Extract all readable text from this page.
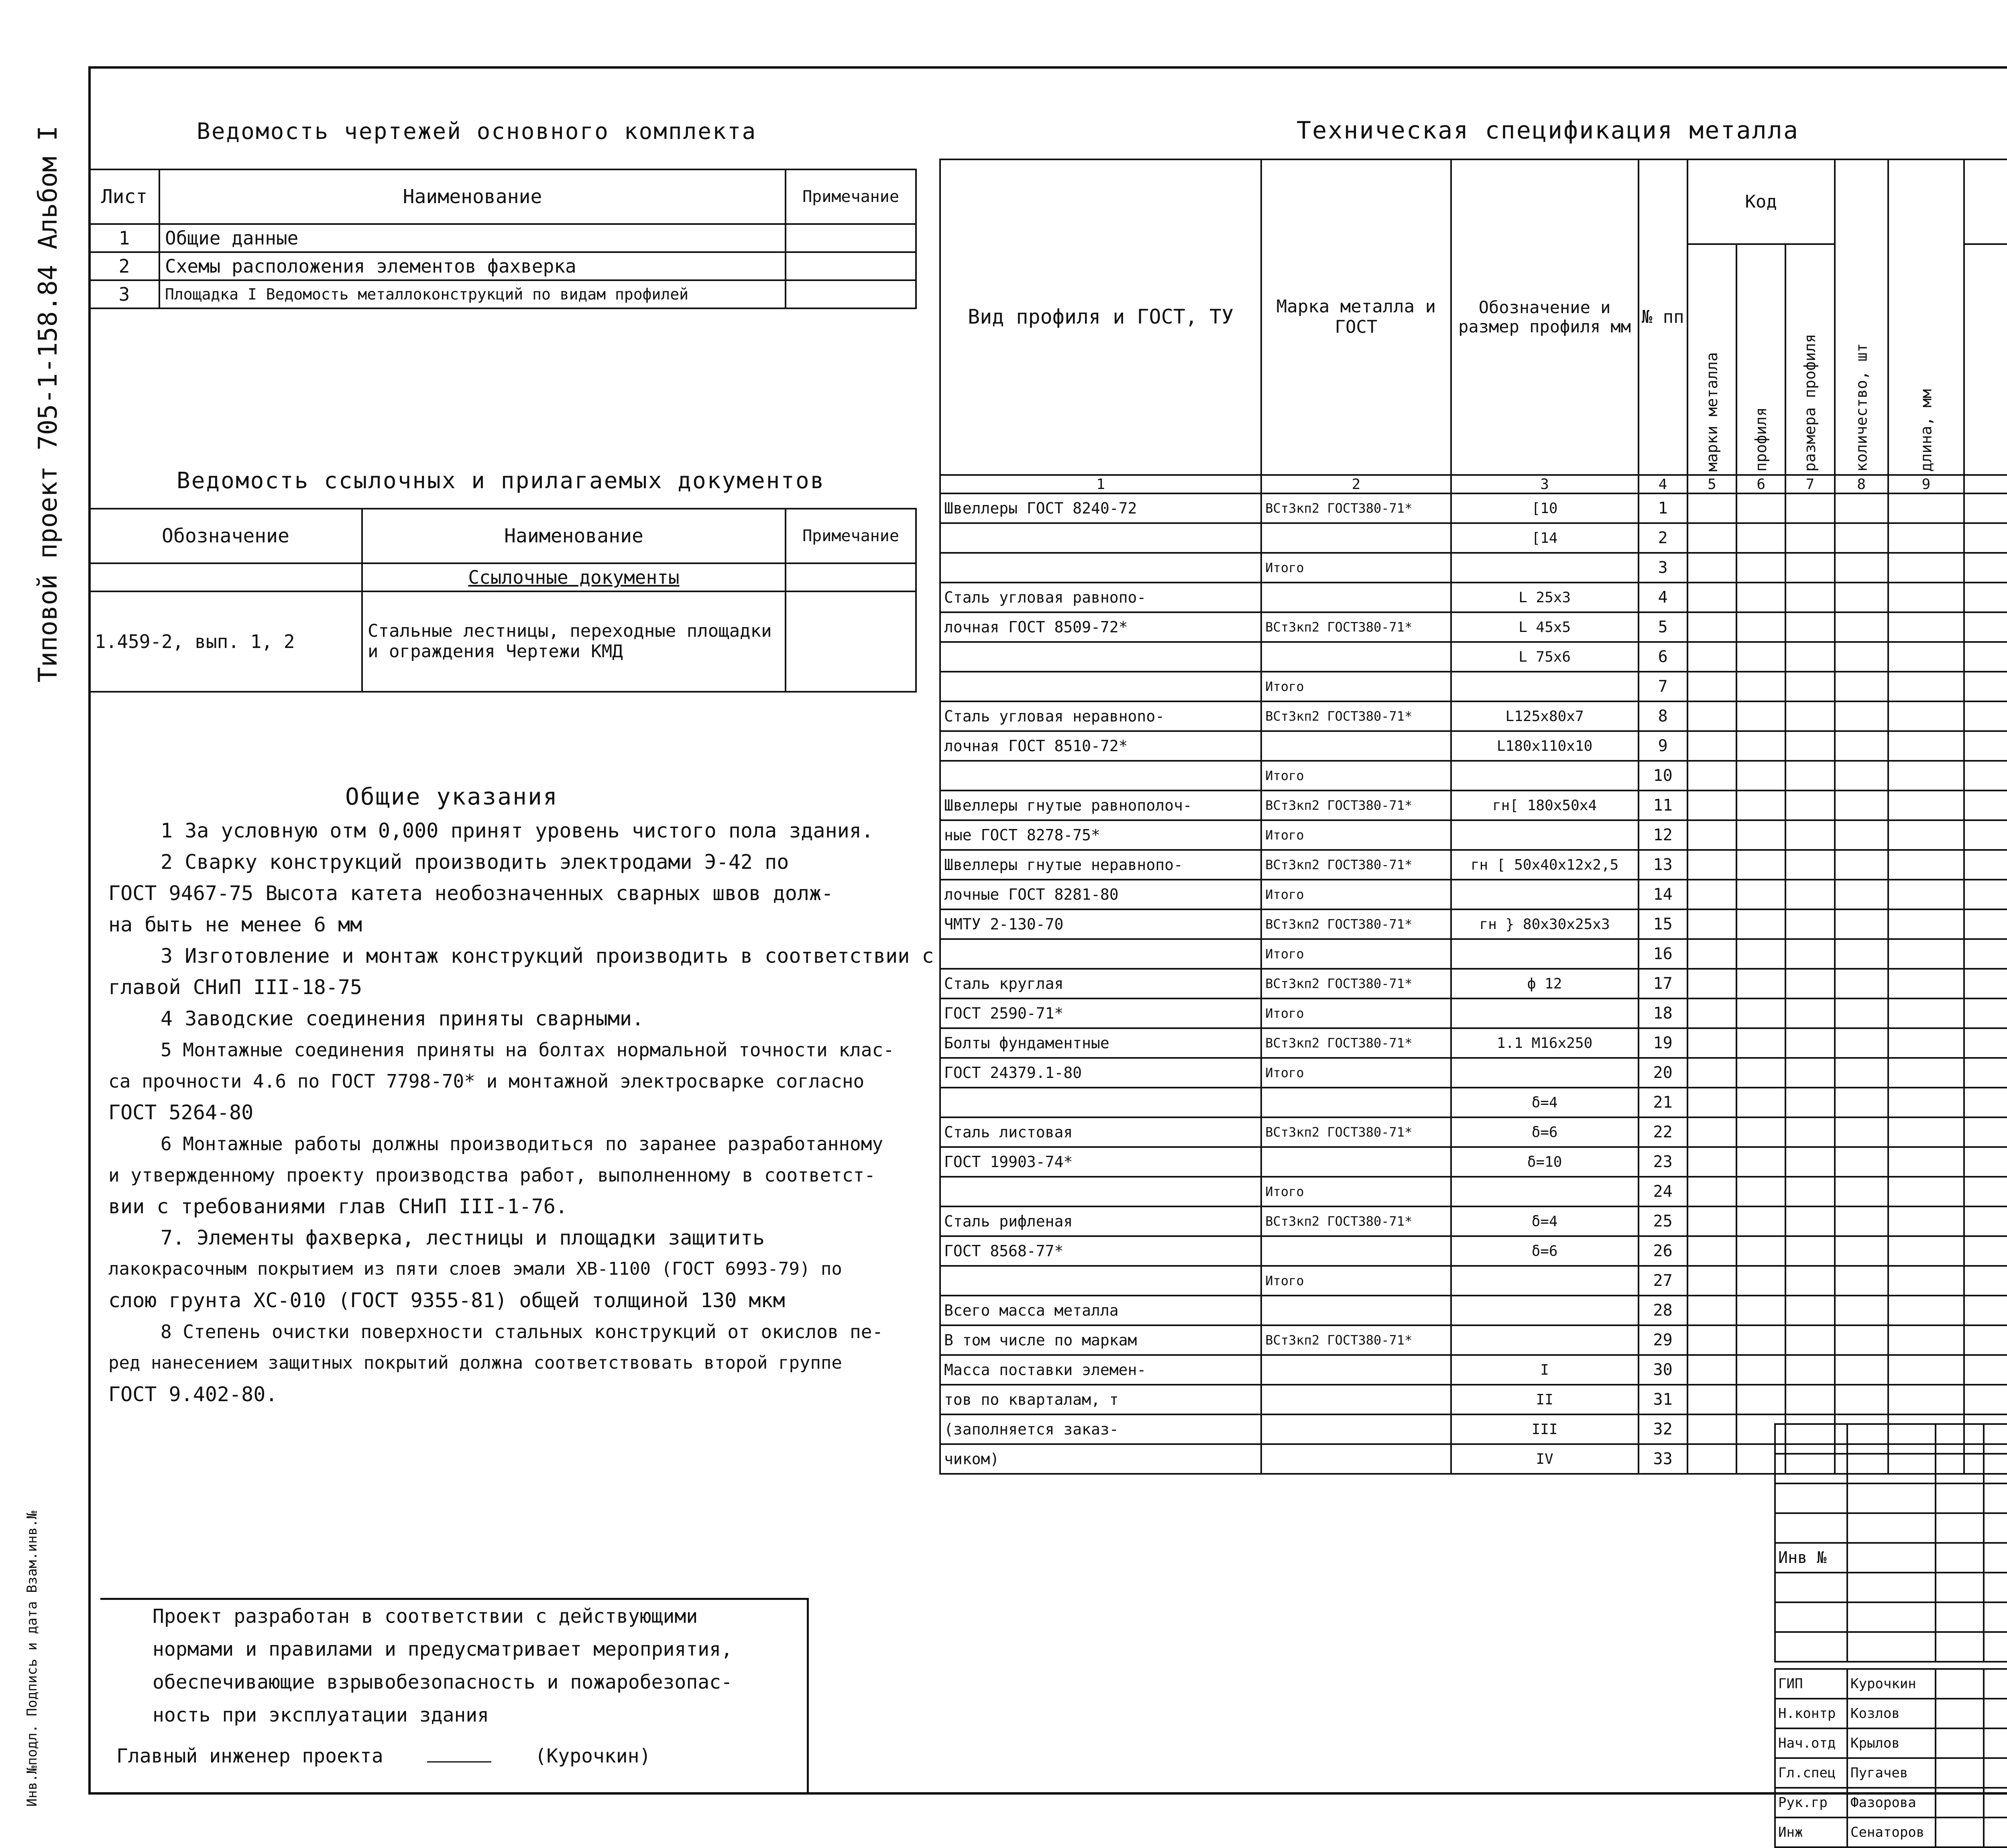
Типовой проект 705-1-158.84 Альбом I
Инв.№подл. Подпись и дата Взам.инв.№
Ведомость чертежей основного комплекта
Лист	Наименование	Примечание
1	Общие данные	
2	Схемы расположения элементов фахверка	
3	Площадка I Ведомость металлоконструкций по видам профилей	
Ведомость ссылочных и прилагаемых документов
Обозначение	Наименование	Примечание
	Ссылочные документы	
1.459-2, вып. 1, 2	Стальные лестницы, переходные площадки и ограждения Чертежи КМД	
Общие указания

1 За условную отм 0,000 принят уровень чистого пола здания.

2 Сварку конструкций производить электродами Э-42 по

ГОСТ 9467-75 Высота катета необозначенных сварных швов долж-

на быть не менее 6 мм

3 Изготовление и монтаж конструкций производить в соответствии с

главой СНиП III-18-75

4 Заводские соединения приняты сварными.

5 Монтажные соединения приняты на болтах нормальной точности клас-

са прочности 4.6 по ГОСТ 7798-70* и монтажной электросварке согласно

ГОСТ 5264-80

6 Монтажные работы должны производиться по заранее разработанному

и утвержденному проекту производства работ, выполненному в соответст-

вии с требованиями глав СНиП III-1-76.

7. Элементы фахверка, лестницы и площадки защитить

лакокрасочным покрытием из пяти слоев эмали ХВ-1100 (ГОСТ 6993-79) по

слою грунта ХС-010 (ГОСТ 9355-81) общей толщиной 130 мкм

8 Степень очистки поверхности стальных конструкций от окислов пе-

ред нанесением защитных покрытий должна соответствовать второй группе

ГОСТ 9.402-80.

Проект разработан в соответствии с действующими
нормами и правилами и предусматривает мероприятия,
обеспечивающие взрывобезопасность и пожаробезопас-
ность при эксплуатации здания
Главный инженер проекта	(Курочкин)
Техническая спецификация металла
Вид профиля и ГОСТ, ТУ	Марка металла и ГОСТ	Обозначение и размер профиля мм	№ пп	Код			количество, шт	длина, мм				
				марки металла	профиля	размера профиля							
1	2	3	4	5	6	7	8	9						
Швеллеры ГОСТ 8240-72	ВСт3кп2 ГОСТ380-71*	[10	1														
		[14	2														
	Итого		3														
Сталь угловая равнопо-		L 25x3	4														
лочная ГОСТ 8509-72*	ВСт3кп2 ГОСТ380-71*	L 45x5	5														
		L 75x6	6														
	Итого		7														
Сталь угловая неравноno-	ВСт3кп2 ГОСТ380-71*	L125x80x7	8														
лочная ГОСТ 8510-72*		L180x110x10	9														
	Итого		10														
Швеллеры гнутые равнополоч-	ВСт3кп2 ГОСТ380-71*	гн[ 180x50x4	11														
ные ГОСТ 8278-75*	Итого		12														
Швеллеры гнутые неравнопо-	ВСт3кп2 ГОСТ380-71*	гн [ 50x40x12x2,5	13														
лочные ГОСТ 8281-80	Итого		14														
ЧМТУ 2-130-70	ВСт3кп2 ГОСТ380-71*	гн } 80x30x25x3	15														
	Итого		16														
Сталь круглая	ВСт3кп2 ГОСТ380-71*	ф 12	17														
ГОСТ 2590-71*	Итого		18														
Болты фундаментные	ВСт3кп2 ГОСТ380-71*	1.1 М16x250	19														
ГОСТ 24379.1-80	Итого		20														
		δ=4	21														
Сталь листовая	ВСт3кп2 ГОСТ380-71*	δ=6	22														
ГОСТ 19903-74*		δ=10	23														
	Итого		24														
Сталь рифленая	ВСт3кп2 ГОСТ380-71*	δ=4	25														
ГОСТ 8568-77*		δ=6	26														
	Итого		27														
Всего масса металла			28														
В том числе по маркам	ВСт3кп2 ГОСТ380-71*		29														
Масса поставки элемен-		I	30														
тов по кварталам, т		II	31														
(заполняется заказ-		III	32														
чиком)		IV	33														

Инв №				

ГИП	Курочкин						
Н.контр	Козлов					
Нач.отд	Крылов						
Гл.спец	Пугачев				
Рук.гр	Фазорова						
Инж	Сенаторов						
